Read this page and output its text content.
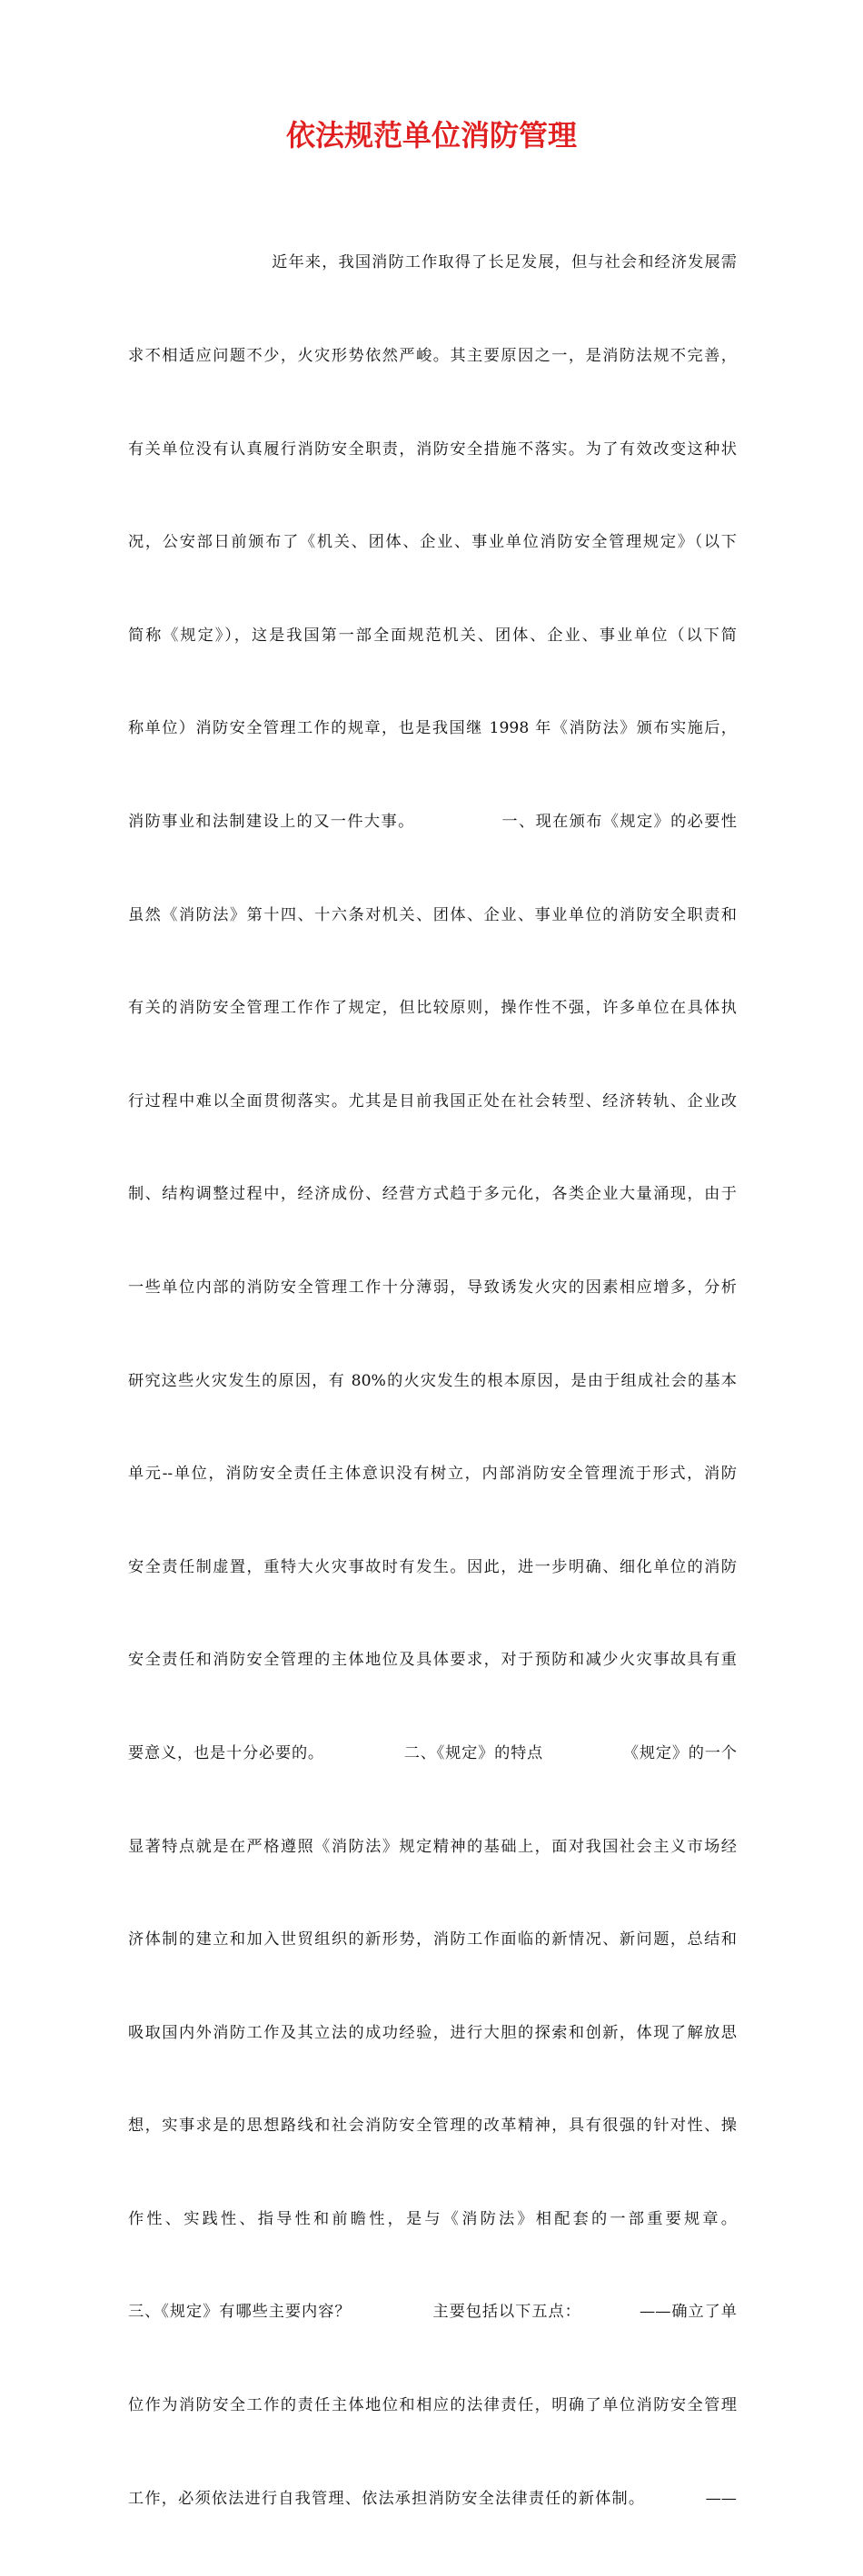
依法规范单位消防管理

近年来，我国消防工作取得了长足发展，但与社会和经济发展需

求不相适应问题不少，火灾形势依然严峻。其主要原因之一，是消防法规不完善，

有关单位没有认真履行消防安全职责，消防安全措施不落实。为了有效改变这种状

况，公安部日前颁布了《机关、团体、企业、事业单位消防安全管理规定》（以下

简称《规定》），这是我国第一部全面规范机关、团体、企业、事业单位（以下简

称单位）消防安全管理工作的规章，也是我国继 1998 年《消防法》颁布实施后，

消防事业和法制建设上的又一件大事。              一、现在颁布《规定》的必要性

虽然《消防法》第十四、十六条对机关、团体、企业、事业单位的消防安全职责和

有关的消防安全管理工作作了规定，但比较原则，操作性不强，许多单位在具体执

行过程中难以全面贯彻落实。尤其是目前我国正处在社会转型、经济转轨、企业改

制、结构调整过程中，经济成份、经营方式趋于多元化，各类企业大量涌现，由于

一些单位内部的消防安全管理工作十分薄弱，导致诱发火灾的因素相应增多，分析

研究这些火灾发生的原因，有 80%的火灾发生的根本原因，是由于组成社会的基本

单元--单位，消防安全责任主体意识没有树立，内部消防安全管理流于形式，消防

安全责任制虚置，重特大火灾事故时有发生。因此，进一步明确、细化单位的消防

安全责任和消防安全管理的主体地位及具体要求，对于预防和减少火灾事故具有重

要意义，也是十分必要的。              二、《规定》的特点              《规定》的一个

显著特点就是在严格遵照《消防法》规定精神的基础上，面对我国社会主义市场经

济体制的建立和加入世贸组织的新形势，消防工作面临的新情况、新问题，总结和

吸取国内外消防工作及其立法的成功经验，进行大胆的探索和创新，体现了解放思

想，实事求是的思想路线和社会消防安全管理的改革精神，具有很强的针对性、操

作性、实践性、指导性和前瞻性，是与《消防法》相配套的一部重要规章。

三、《规定》有哪些主要内容？              主要包括以下五点：          ——确立了单

位作为消防安全工作的责任主体地位和相应的法律责任，明确了单位消防安全管理

工作，必须依法进行自我管理、依法承担消防安全法律责任的新体制。          ——
